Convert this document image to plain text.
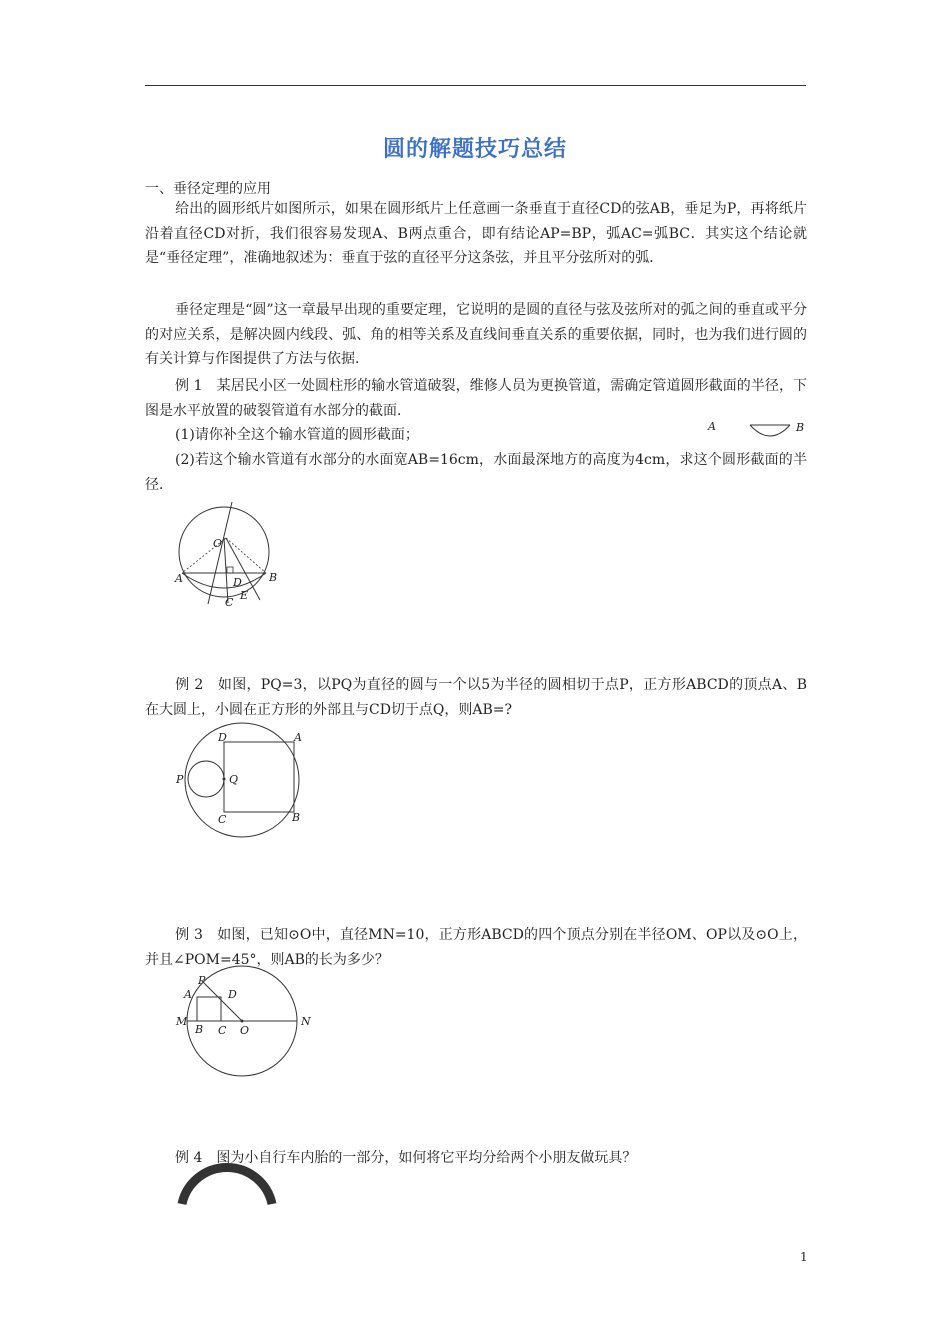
圆的解题技巧总结
一、垂径定理的应用
给出的圆形纸片如图所示，如果在圆形纸片上任意画一条垂直于直径CD的弦AB，垂足为P，再将纸片沿着直径CD对折，我们很容易发现A、B两点重合，即有结论AP=BP，弧AC=弧BC．其实这个结论就是“垂径定理”，准确地叙述为：垂直于弦的直径平分这条弦，并且平分弦所对的弧．
垂径定理是“圆”这一章最早出现的重要定理，它说明的是圆的直径与弦及弦所对的弧之间的垂直或平分的对应关系，是解决圆内线段、弧、角的相等关系及直线间垂直关系的重要依据，同时，也为我们进行圆的有关计算与作图提供了方法与依据．
例 1　某居民小区一处圆柱形的输水管道破裂，维修人员为更换管道，需确定管道圆形截面的半径，下图是水平放置的破裂管道有水部分的截面．
(1)请你补全这个输水管道的圆形截面；
A	B
(2)若这个输水管道有水部分的水面宽AB=16cm，水面最深地方的高度为4cm，求这个圆形截面的半径．
O
A	B
D
E
C
例 2　如图，PQ=3，以PQ为直径的圆与一个以5为半径的圆相切于点P，正方形ABCD的顶点A、B在大圆上，小圆在正方形的外部且与CD切于点Q，则AB=?
P	Q
D	A
C	B
例 3　如图，已知⊙O中，直径MN=10，正方形ABCD的四个顶点分别在半径OM、OP以及⊙O上，并且∠POM=45°，则AB的长为多少？
P
A	D
M
B C O
N
例 4　图为小自行车内胎的一部分，如何将它平均分给两个小朋友做玩具？
1
